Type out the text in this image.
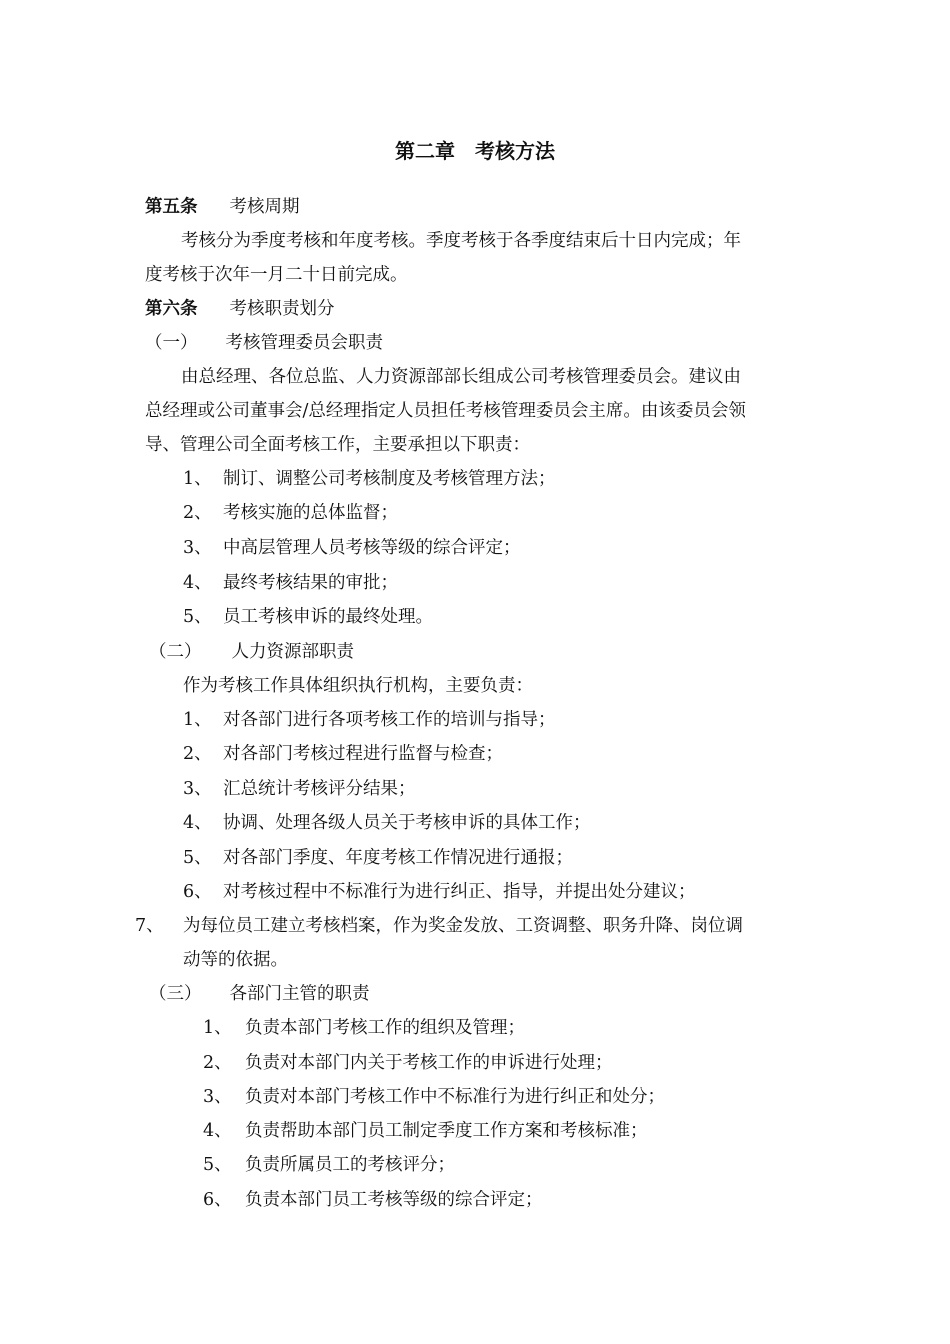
第二章　考核方法
第五条 考核周期
考核分为季度考核和年度考核。季度考核于各季度结束后十日内完成；年
度考核于次年一月二十日前完成。
第六条 考核职责划分
（一） 考核管理委员会职责
由总经理、各位总监、人力资源部部长组成公司考核管理委员会。建议由
总经理或公司董事会/总经理指定人员担任考核管理委员会主席。由该委员会领
导、管理公司全面考核工作，主要承担以下职责：
1、 制订、调整公司考核制度及考核管理方法；
2、 考核实施的总体监督；
3、 中高层管理人员考核等级的综合评定；
4、 最终考核结果的审批；
5、 员工考核申诉的最终处理。
（二） 人力资源部职责
作为考核工作具体组织执行机构，主要负责：
1、 对各部门进行各项考核工作的培训与指导；
2、 对各部门考核过程进行监督与检查；
3、 汇总统计考核评分结果；
4、 协调、处理各级人员关于考核申诉的具体工作；
5、 对各部门季度、年度考核工作情况进行通报；
6、 对考核过程中不标准行为进行纠正、指导，并提出处分建议；
7、 为每位员工建立考核档案，作为奖金发放、工资调整、职务升降、岗位调
动等的依据。
（三） 各部门主管的职责
1、 负责本部门考核工作的组织及管理；
2、 负责对本部门内关于考核工作的申诉进行处理；
3、 负责对本部门考核工作中不标准行为进行纠正和处分；
4、 负责帮助本部门员工制定季度工作方案和考核标准；
5、 负责所属员工的考核评分；
6、 负责本部门员工考核等级的综合评定；
